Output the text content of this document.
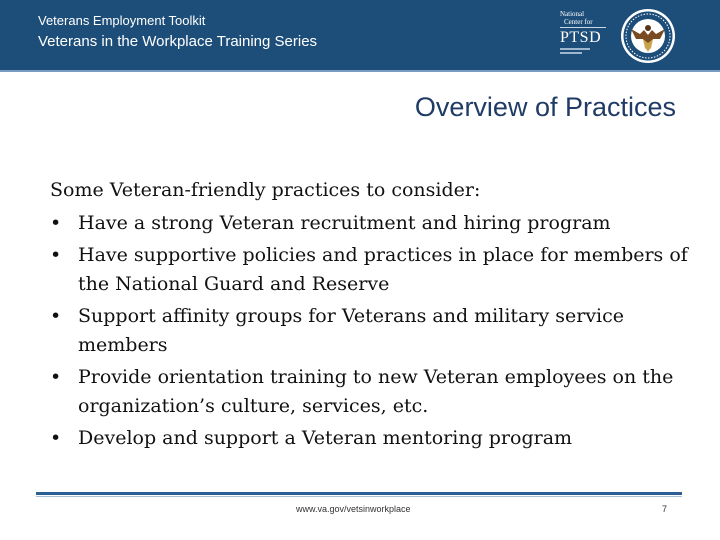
Veterans Employment Toolkit
Veterans in the Workplace Training Series
National
Center for
PTSD
Overview of Practices

Some Veteran-friendly practices to consider:

• Have a strong Veteran recruitment and hiring program
• Have supportive policies and practices in place for members of the National Guard and Reserve
• Support affinity groups for Veterans and military service members
• Provide orientation training to new Veteran employees on the organization’s culture, services, etc.
• Develop and support a Veteran mentoring program
www.va.gov/vetsinworkplace	7
